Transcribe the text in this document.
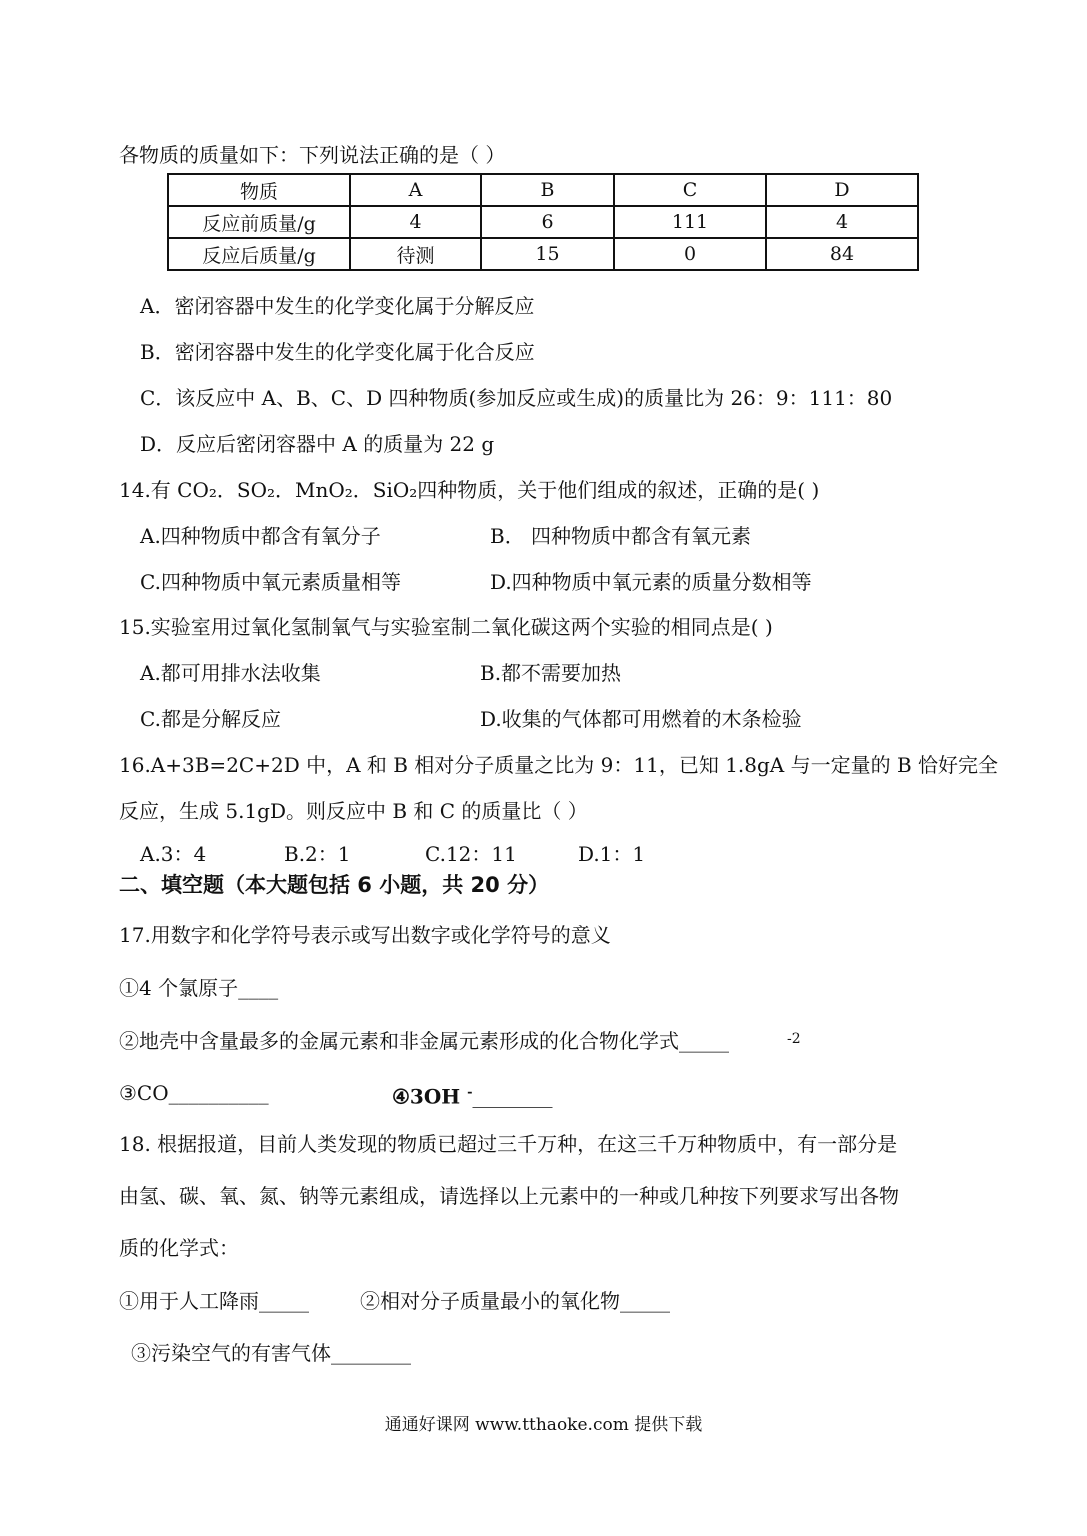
各物质的质量如下：下列说法正确的是（ ）
物质	A	B	C	D
反应前质量/g	4	6	111	4
反应后质量/g	待测	15	0	84
A．密闭容器中发生的化学变化属于分解反应
B．密闭容器中发生的化学变化属于化合反应
C．该反应中 A、B、C、D 四种物质(参加反应或生成)的质量比为 26：9：111：80
D．反应后密闭容器中 A 的质量为 22 g
14.有 CO₂．SO₂．MnO₂．SiO₂四种物质，关于他们组成的叙述，正确的是( )
A.四种物质中都含有氧分子	B． 四种物质中都含有氧元素
C.四种物质中氧元素质量相等	D.四种物质中氧元素的质量分数相等
15.实验室用过氧化氢制氧气与实验室制二氧化碳这两个实验的相同点是( )
A.都可用排水法收集	B.都不需要加热
C.都是分解反应	D.收集的气体都可用燃着的木条检验
16.A+3B=2C+2D 中，A 和 B 相对分子质量之比为 9：11，已知 1.8gA 与一定量的 B 恰好完全
反应，生成 5.1gD。则反应中 B 和 C 的质量比（ ）
A.3：4	B.2：1	C.12：11	D.1：1
二、填空题（本大题包括 6 小题，共 20 分）
17.用数字和化学符号表示或写出数字或化学符号的意义
①4 个氯原子____
②地壳中含量最多的金属元素和非金属元素形成的化合物化学式_____	-2
③CO__________	④3OH -________
18. 根据报道，目前人类发现的物质已超过三千万种，在这三千万种物质中，有一部分是
由氢、碳、氧、氮、钠等元素组成，请选择以上元素中的一种或几种按下列要求写出各物
质的化学式：
①用于人工降雨_____	②相对分子质量最小的氧化物_____
③污染空气的有害气体________
通通好课网 www.tthaoke.com 提供下载
